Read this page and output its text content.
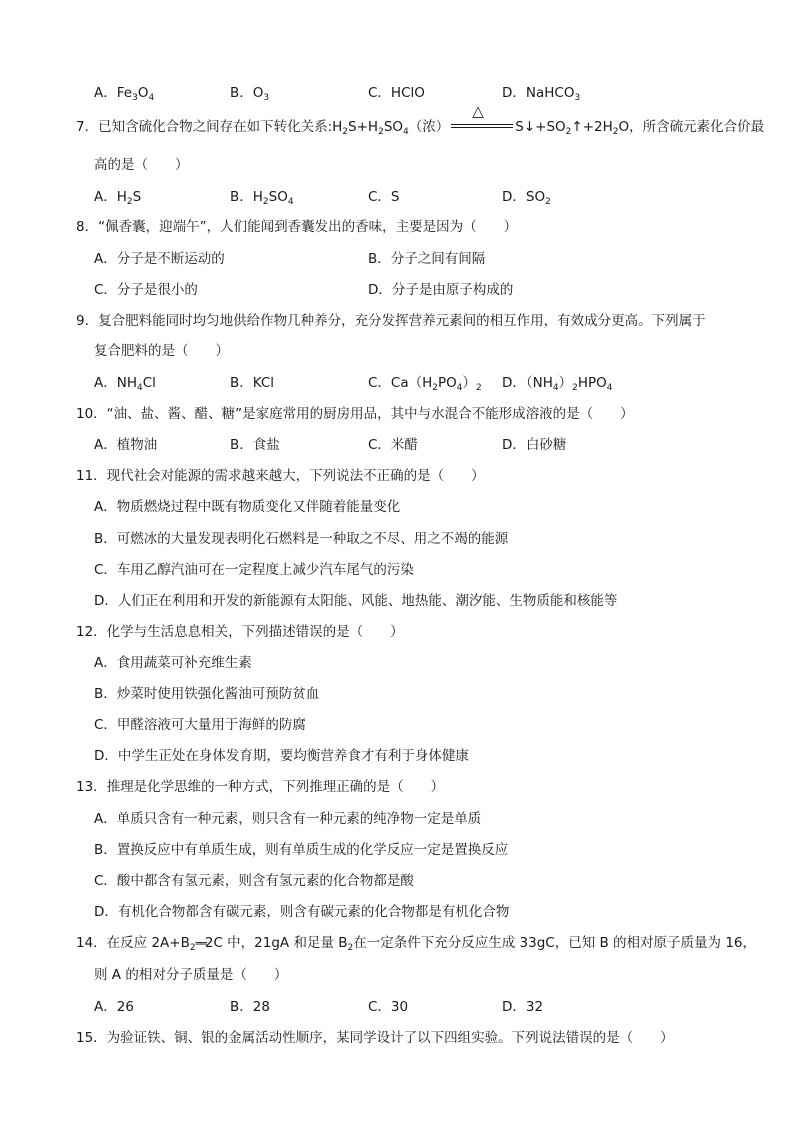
A．$Fe_3O_4$	B．$O_3$	C．HClO	D．NaHCO$_3$
7．已知含硫化合物之间存在如下转化关系$:H_2S+H_2SO_4$（浓）
△
$S↓+SO_2↑+2H_2O$，所含硫元素化合价最
高的是（　　）
A．$H_2S$	B．$H_2SO_4$	C．S	D．$SO_2$
8．“佩香囊，迎端午”，人们能闻到香囊发出的香味，主要是因为（　　）
A．分子是不断运动的	B．分子之间有间隔
C．分子是很小的	D．分子是由原子构成的
9．复合肥料能同时均匀地供给作物几种养分，充分发挥营养元素间的相互作用，有效成分更高。下列属于
复合肥料的是（　　）
A．$NH_4Cl$	B．KCl	C．$Ca(H_2PO_4)_2$ D．$(NH_4)_2HPO_4$
10．“油、盐、酱、醋、糖”是家庭常用的厨房用品，其中与水混合不能形成溶液的是（　　）
A．植物油	B．食盐	C．米醋	D．白砂糖
11．现代社会对能源的需求越来越大，下列说法不正确的是（　　）
A．物质燃烧过程中既有物质变化又伴随着能量变化
B．可燃冰的大量发现表明化石燃料是一种取之不尽、用之不竭的能源
C．车用乙醇汽油可在一定程度上减少汽车尾气的污染
D．人们正在利用和开发的新能源有太阳能、风能、地热能、潮汐能、生物质能和核能等
12．化学与生活息息相关，下列描述错误的是（　　）
A．食用蔬菜可补充维生素
B．炒菜时使用铁强化酱油可预防贫血
C．甲醛溶液可大量用于海鲜的防腐
D．中学生正处在身体发育期，要均衡营养食才有利于身体健康
13．推理是化学思维的一种方式，下列推理正确的是（　　）
A．单质只含有一种元素，则只含有一种元素的纯净物一定是单质
B．置换反应中有单质生成，则有单质生成的化学反应一定是置换反应
C．酸中都含有氢元素，则含有氢元素的化合物都是酸
D．有机化合物都含有碳元素，则含有碳元素的化合物都是有机化合物
14．在反应 $2A+B_2══2C$ 中，21gA 和足量 $B_2$在一定条件下充分反应生成 33gC，已知 B 的相对原子质量为 16，
则 A 的相对分子质量是（　　）
A．26	B．28	C．30	D．32
15．为验证铁、铜、银的金属活动性顺序，某同学设计了以下四组实验。下列说法错误的是（　　）
